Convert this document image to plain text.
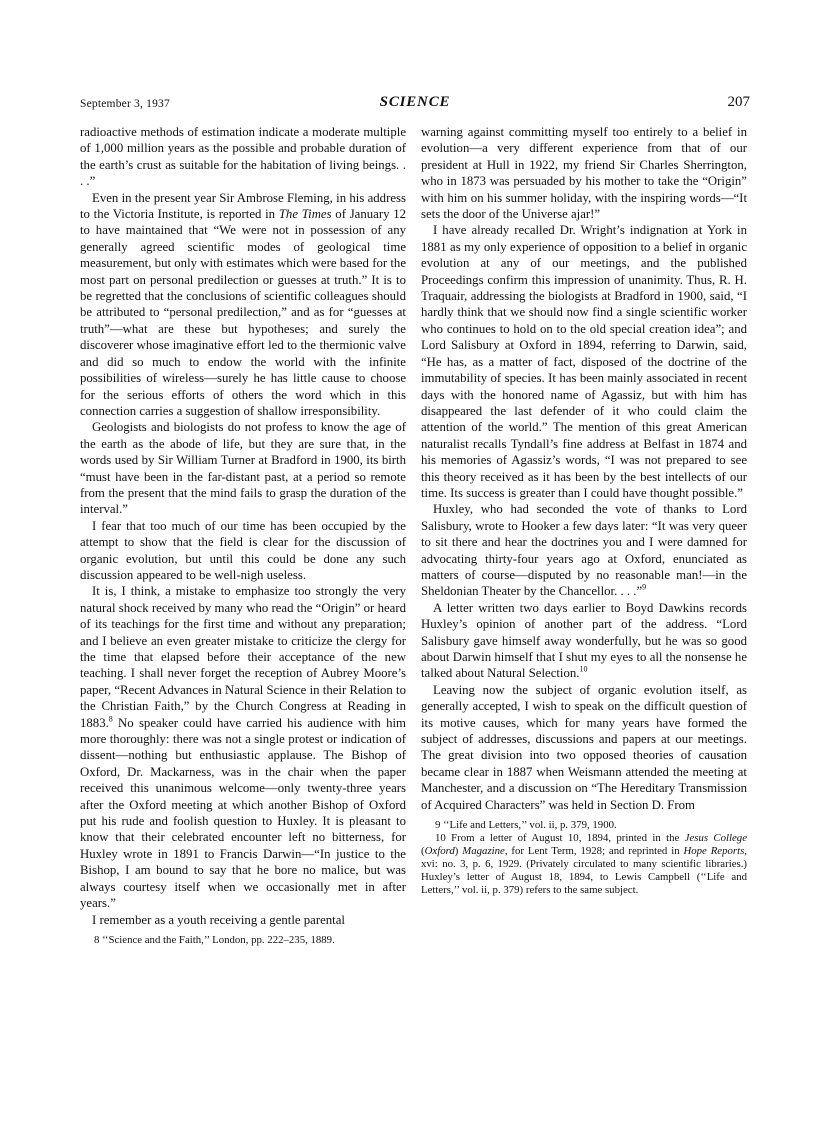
September 3, 1937	SCIENCE	207

radioactive methods of estimation indicate a moderate multiple of 1,000 million years as the possible and probable duration of the earth’s crust as suitable for the habitation of living beings. . . .”

Even in the present year Sir Ambrose Fleming, in his address to the Victoria Institute, is reported in The Times of January 12 to have maintained that “We were not in possession of any generally agreed scientific modes of geological time measurement, but only with estimates which were based for the most part on personal predilection or guesses at truth.” It is to be regretted that the conclusions of scientific colleagues should be attributed to “personal predilection,” and as for “guesses at truth”—what are these but hypotheses; and surely the discoverer whose imaginative effort led to the thermionic valve and did so much to endow the world with the infinite possibilities of wireless—surely he has little cause to choose for the serious efforts of others the word which in this connection carries a suggestion of shallow irresponsibility.

Geologists and biologists do not profess to know the age of the earth as the abode of life, but they are sure that, in the words used by Sir William Turner at Bradford in 1900, its birth “must have been in the far-distant past, at a period so remote from the present that the mind fails to grasp the duration of the interval.”

I fear that too much of our time has been occupied by the attempt to show that the field is clear for the discussion of organic evolution, but until this could be done any such discussion appeared to be well-nigh useless.

It is, I think, a mistake to emphasize too strongly the very natural shock received by many who read the “Origin” or heard of its teachings for the first time and without any preparation; and I believe an even greater mistake to criticize the clergy for the time that elapsed before their acceptance of the new teaching. I shall never forget the reception of Aubrey Moore’s paper, “Recent Advances in Natural Science in their Relation to the Christian Faith,” by the Church Congress at Reading in 1883.$^8$ No speaker could have carried his audience with him more thoroughly: there was not a single protest or indication of dissent—nothing but enthusiastic applause. The Bishop of Oxford, Dr. Mackarness, was in the chair when the paper received this unanimous welcome—only twenty-three years after the Oxford meeting at which another Bishop of Oxford put his rude and foolish question to Huxley. It is pleasant to know that their celebrated encounter left no bitterness, for Huxley wrote in 1891 to Francis Darwin—“In justice to the Bishop, I am bound to say that he bore no malice, but was always courtesy itself when we occasionally met in after years.”

I remember as a youth receiving a gentle parental

8 ‘‘Science and the Faith,’’ London, pp. 222–235, 1889.

warning against committing myself too entirely to a belief in evolution—a very different experience from that of our president at Hull in 1922, my friend Sir Charles Sherrington, who in 1873 was persuaded by his mother to take the “Origin” with him on his summer holiday, with the inspiring words—“It sets the door of the Universe ajar!”

I have already recalled Dr. Wright’s indignation at York in 1881 as my only experience of opposition to a belief in organic evolution at any of our meetings, and the published Proceedings confirm this impression of unanimity. Thus, R. H. Traquair, addressing the biologists at Bradford in 1900, said, “I hardly think that we should now find a single scientific worker who continues to hold on to the old special creation idea”; and Lord Salisbury at Oxford in 1894, referring to Darwin, said, “He has, as a matter of fact, disposed of the doctrine of the immutability of species. It has been mainly associated in recent days with the honored name of Agassiz, but with him has disappeared the last defender of it who could claim the attention of the world.” The mention of this great American naturalist recalls Tyndall’s fine address at Belfast in 1874 and his memories of Agassiz’s words, “I was not prepared to see this theory received as it has been by the best intellects of our time. Its success is greater than I could have thought possible.”

Huxley, who had seconded the vote of thanks to Lord Salisbury, wrote to Hooker a few days later: “It was very queer to sit there and hear the doctrines you and I were damned for advocating thirty-four years ago at Oxford, enunciated as matters of course—disputed by no reasonable man!—in the Sheldonian Theater by the Chancellor. . . .”$^9$

A letter written two days earlier to Boyd Dawkins records Huxley’s opinion of another part of the address. “Lord Salisbury gave himself away wonderfully, but he was so good about Darwin himself that I shut my eyes to all the nonsense he talked about Natural Selection.$^{10}$

Leaving now the subject of organic evolution itself, as generally accepted, I wish to speak on the difficult question of its motive causes, which for many years have formed the subject of addresses, discussions and papers at our meetings. The great division into two opposed theories of causation became clear in 1887 when Weismann attended the meeting at Manchester, and a discussion on “The Hereditary Transmission of Acquired Characters” was held in Section D. From

9 ‘‘Life and Letters,’’ vol. ii, p. 379, 1900.

10 From a letter of August 10, 1894, printed in the Jesus College (Oxford) Magazine, for Lent Term, 1928; and reprinted in Hope Reports, xvi: no. 3, p. 6, 1929. (Privately circulated to many scientific libraries.) Huxley’s letter of August 18, 1894, to Lewis Campbell (‘‘Life and Letters,’’ vol. ii, p. 379) refers to the same subject.
